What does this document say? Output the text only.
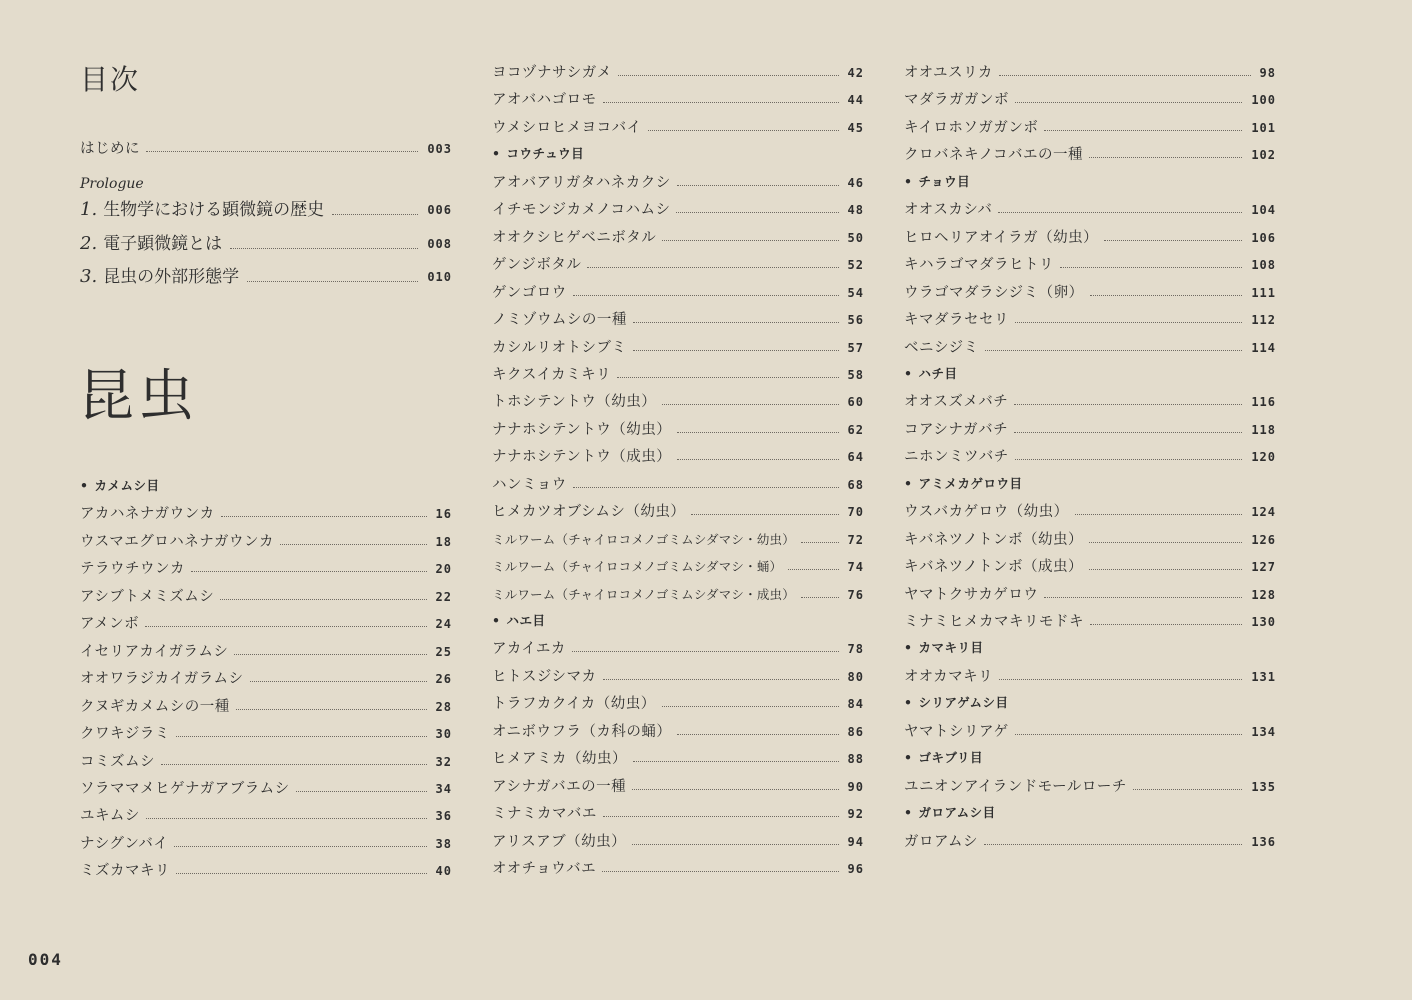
目次
はじめに	003
Prologue
1. 生物学における顕微鏡の歴史	006
2. 電子顕微鏡とは	008
3. 昆虫の外部形態学	010
昆虫
• カメムシ目
アカハネナガウンカ	16
ウスマエグロハネナガウンカ	18
テラウチウンカ	20
アシブトメミズムシ	22
アメンボ	24
イセリアカイガラムシ	25
オオワラジカイガラムシ	26
クヌギカメムシの一種	28
クワキジラミ	30
コミズムシ	32
ソラママメヒゲナガアブラムシ	34
ユキムシ	36
ナシグンバイ	38
ミズカマキリ	40
ヨコヅナサシガメ	42
アオバハゴロモ	44
ウメシロヒメヨコバイ	45
• コウチュウ目
アオバアリガタハネカクシ	46
イチモンジカメノコハムシ	48
オオクシヒゲベニボタル	50
ゲンジボタル	52
ゲンゴロウ	54
ノミゾウムシの一種	56
カシルリオトシブミ	57
キクスイカミキリ	58
トホシテントウ（幼虫）	60
ナナホシテントウ（幼虫）	62
ナナホシテントウ（成虫）	64
ハンミョウ	68
ヒメカツオブシムシ（幼虫）	70
ミルワーム（チャイロコメノゴミムシダマシ・幼虫）	72
ミルワーム（チャイロコメノゴミムシダマシ・蛹）	74
ミルワーム（チャイロコメノゴミムシダマシ・成虫）	76
• ハエ目
アカイエカ	78
ヒトスジシマカ	80
トラフカクイカ（幼虫）	84
オニボウフラ（カ科の蛹）	86
ヒメアミカ（幼虫）	88
アシナガバエの一種	90
ミナミカマバエ	92
アリスアブ（幼虫）	94
オオチョウバエ	96
オオユスリカ	98
マダラガガンボ	100
キイロホソガガンボ	101
クロバネキノコバエの一種	102
• チョウ目
オオスカシバ	104
ヒロヘリアオイラガ（幼虫）	106
キハラゴマダラヒトリ	108
ウラゴマダラシジミ（卵）	111
キマダラセセリ	112
ベニシジミ	114
• ハチ目
オオスズメバチ	116
コアシナガバチ	118
ニホンミツバチ	120
• アミメカゲロウ目
ウスバカゲロウ（幼虫）	124
キバネツノトンボ（幼虫）	126
キバネツノトンボ（成虫）	127
ヤマトクサカゲロウ	128
ミナミヒメカマキリモドキ	130
• カマキリ目
オオカマキリ	131
• シリアゲムシ目
ヤマトシリアゲ	134
• ゴキブリ目
ユニオンアイランドモールローチ	135
• ガロアムシ目
ガロアムシ	136
004
